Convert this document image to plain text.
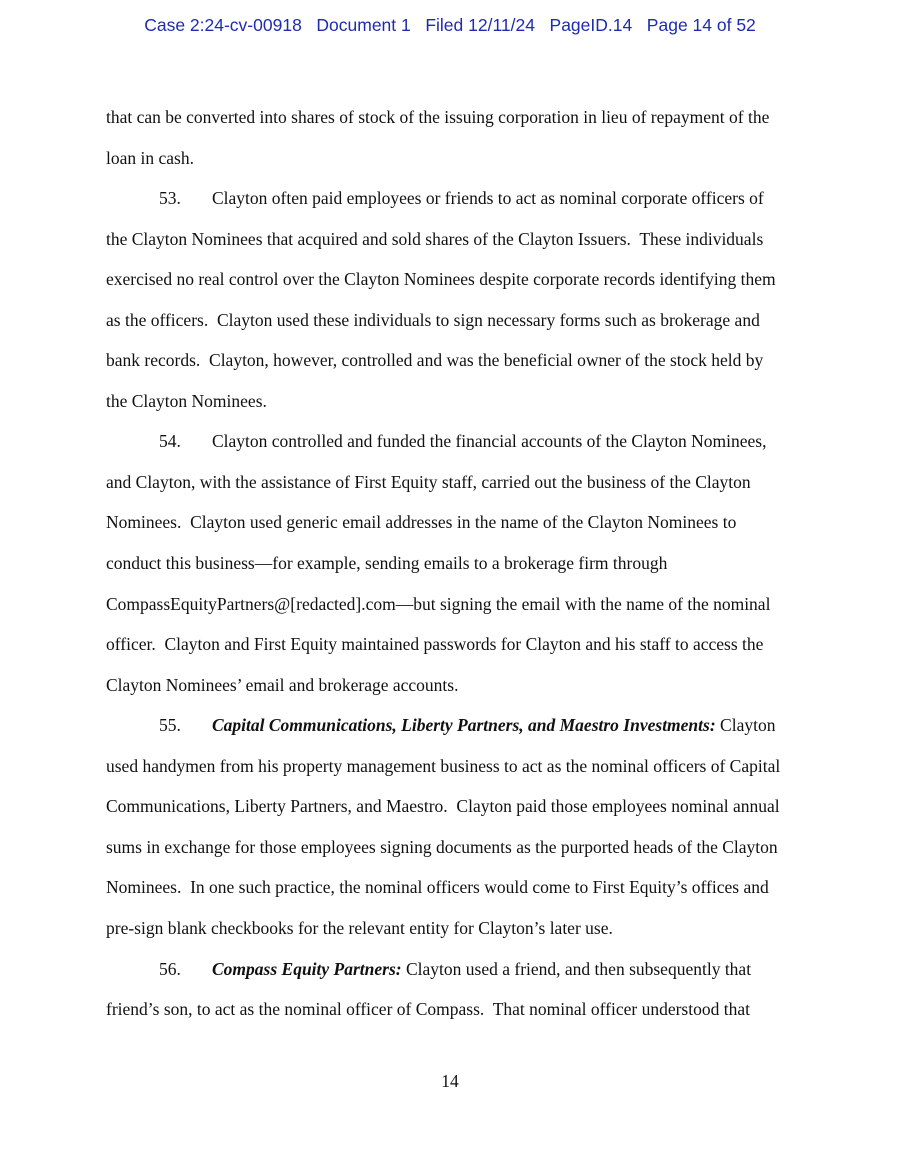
Case 2:24-cv-00918   Document 1   Filed 12/11/24   PageID.14   Page 14 of 52
that can be converted into shares of stock of the issuing corporation in lieu of repayment of the
loan in cash.
53. Clayton often paid employees or friends to act as nominal corporate officers of
the Clayton Nominees that acquired and sold shares of the Clayton Issuers.  These individuals
exercised no real control over the Clayton Nominees despite corporate records identifying them
as the officers.  Clayton used these individuals to sign necessary forms such as brokerage and
bank records.  Clayton, however, controlled and was the beneficial owner of the stock held by
the Clayton Nominees.
54. Clayton controlled and funded the financial accounts of the Clayton Nominees,
and Clayton, with the assistance of First Equity staff, carried out the business of the Clayton
Nominees.  Clayton used generic email addresses in the name of the Clayton Nominees to
conduct this business—for example, sending emails to a brokerage firm through
CompassEquityPartners@[redacted].com—but signing the email with the name of the nominal
officer.  Clayton and First Equity maintained passwords for Clayton and his staff to access the
Clayton Nominees’ email and brokerage accounts.
55. Capital Communications, Liberty Partners, and Maestro Investments: Clayton
used handymen from his property management business to act as the nominal officers of Capital
Communications, Liberty Partners, and Maestro.  Clayton paid those employees nominal annual
sums in exchange for those employees signing documents as the purported heads of the Clayton
Nominees.  In one such practice, the nominal officers would come to First Equity’s offices and
pre-sign blank checkbooks for the relevant entity for Clayton’s later use.
56. Compass Equity Partners: Clayton used a friend, and then subsequently that
friend’s son, to act as the nominal officer of Compass.  That nominal officer understood that
14
